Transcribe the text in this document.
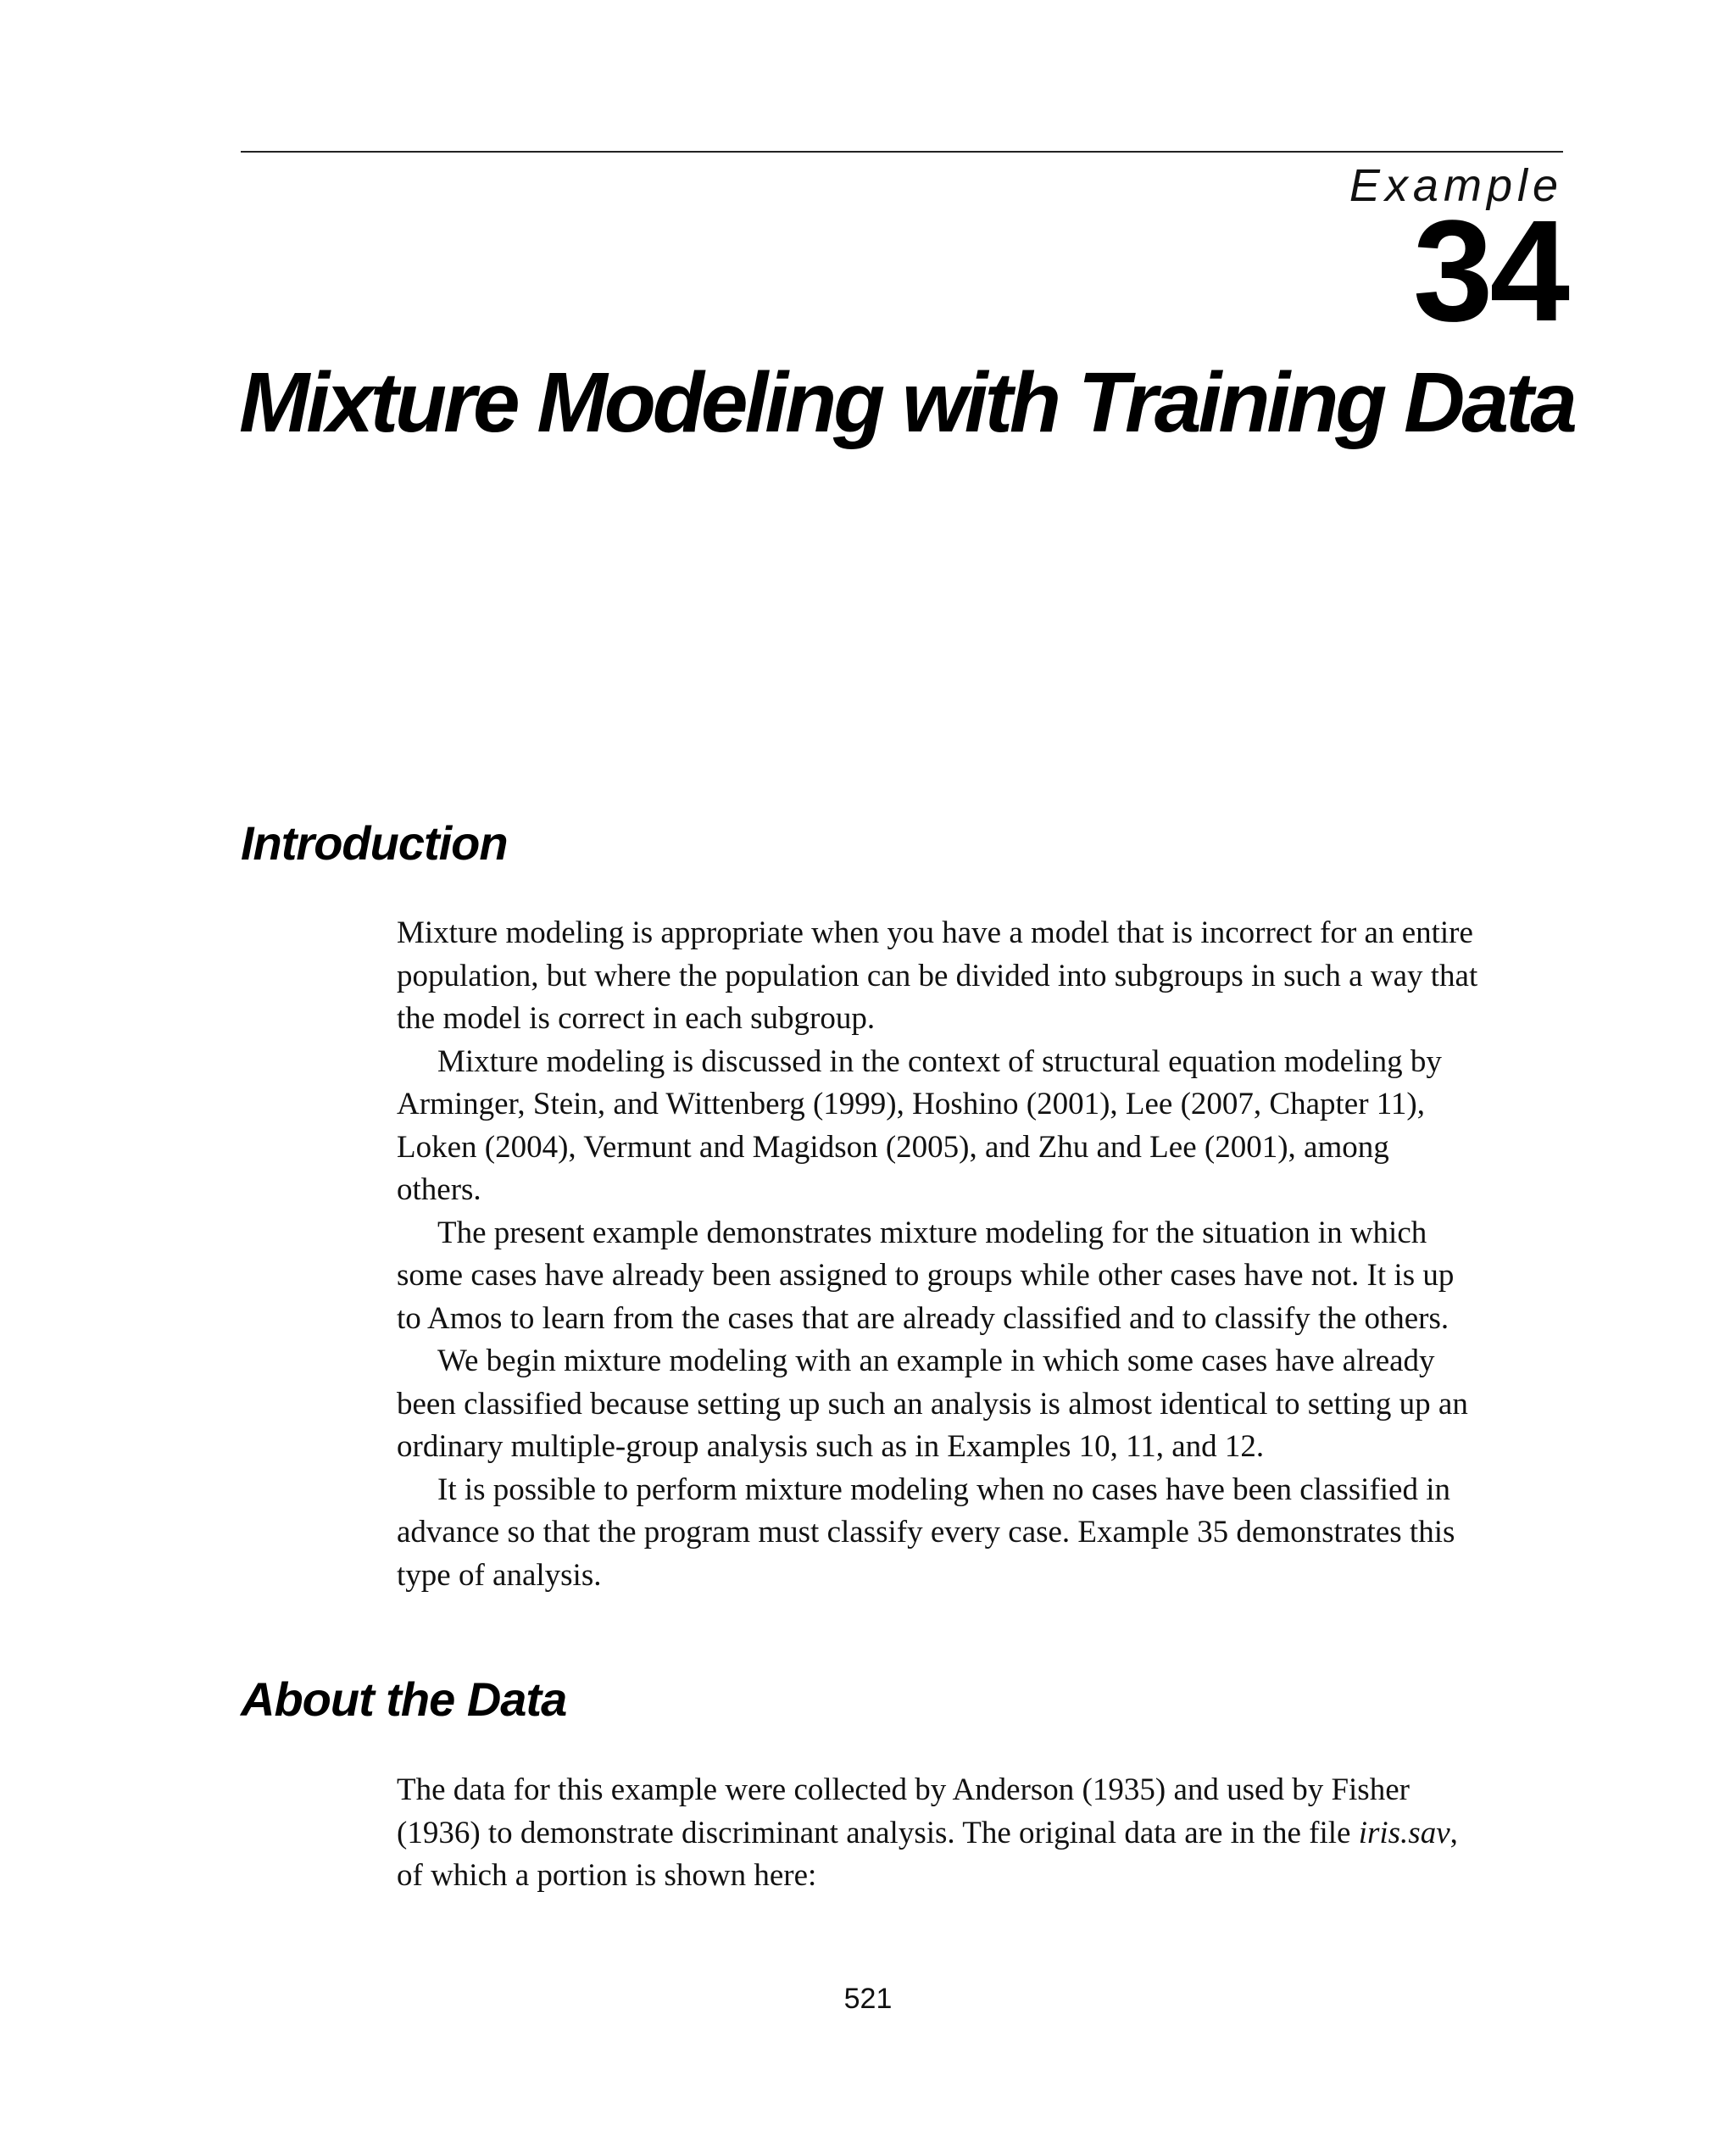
Example
34
Mixture Modeling with Training Data
Introduction
Mixture modeling is appropriate when you have a model that is incorrect for an entire
population, but where the population can be divided into subgroups in such a way that
the model is correct in each subgroup.
Mixture modeling is discussed in the context of structural equation modeling by
Arminger, Stein, and Wittenberg (1999), Hoshino (2001), Lee (2007, Chapter 11),
Loken (2004), Vermunt and Magidson (2005), and Zhu and Lee (2001), among
others.
The present example demonstrates mixture modeling for the situation in which
some cases have already been assigned to groups while other cases have not. It is up
to Amos to learn from the cases that are already classified and to classify the others.
We begin mixture modeling with an example in which some cases have already
been classified because setting up such an analysis is almost identical to setting up an
ordinary multiple-group analysis such as in Examples 10, 11, and 12.
It is possible to perform mixture modeling when no cases have been classified in
advance so that the program must classify every case. Example 35 demonstrates this
type of analysis.
About the Data
The data for this example were collected by Anderson (1935) and used by Fisher
(1936) to demonstrate discriminant analysis. The original data are in the file iris.sav,
of which a portion is shown here:
521
